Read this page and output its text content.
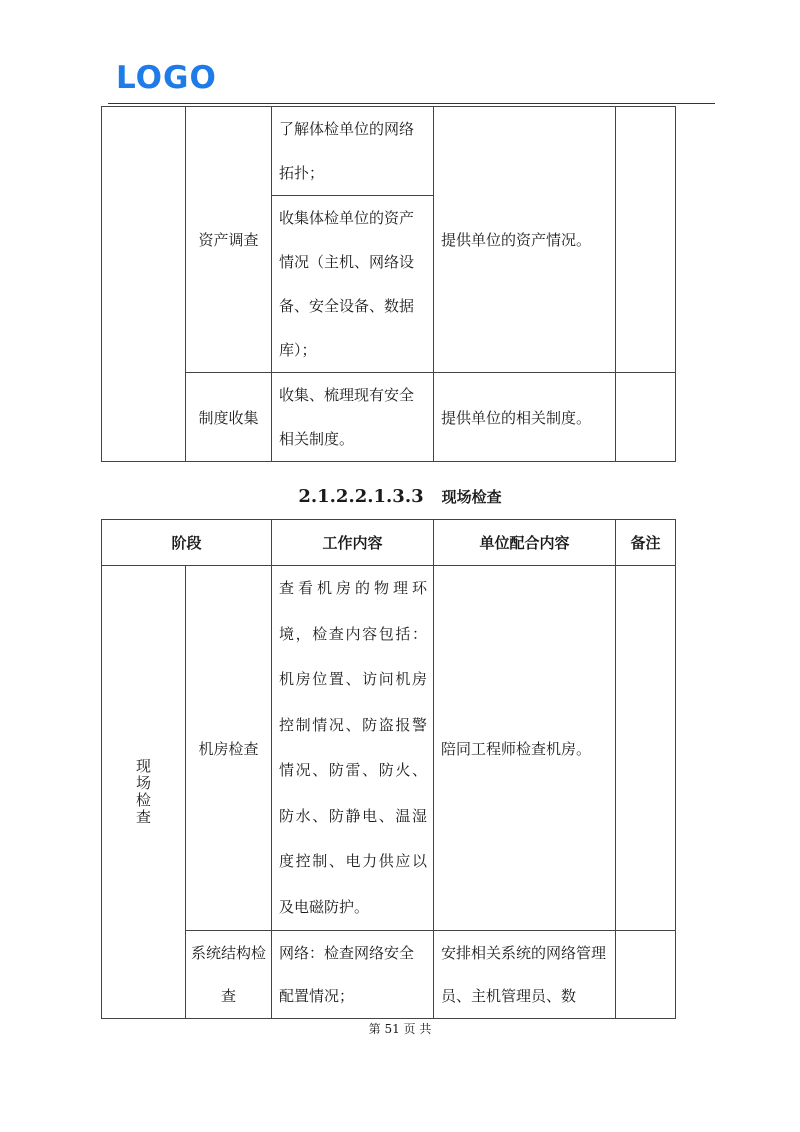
LOGO
	资产调查	了解体检单位的网络拓扑；	提供单位的资产情况。	
		收集体检单位的资产情况（主机、网络设备、安全设备、数据库）；		
	制度收集	收集、梳理现有安全相关制度。	提供单位的相关制度。	
2.1.2.2.1.3.3 现场检查
阶段		工作内容	单位配合内容	备注
现场检查	机房检查	查看机房的物理环境，检查内容包括：机房位置、访问机房控制情况、防盗报警情况、防雷、防火、防水、防静电、温湿度控制、电力供应以及电磁防护。	陪同工程师检查机房。	
	系统结构检查	网络：检查网络安全配置情况；	安排相关系统的网络管理员、主机管理员、数	
第 51 页 共
